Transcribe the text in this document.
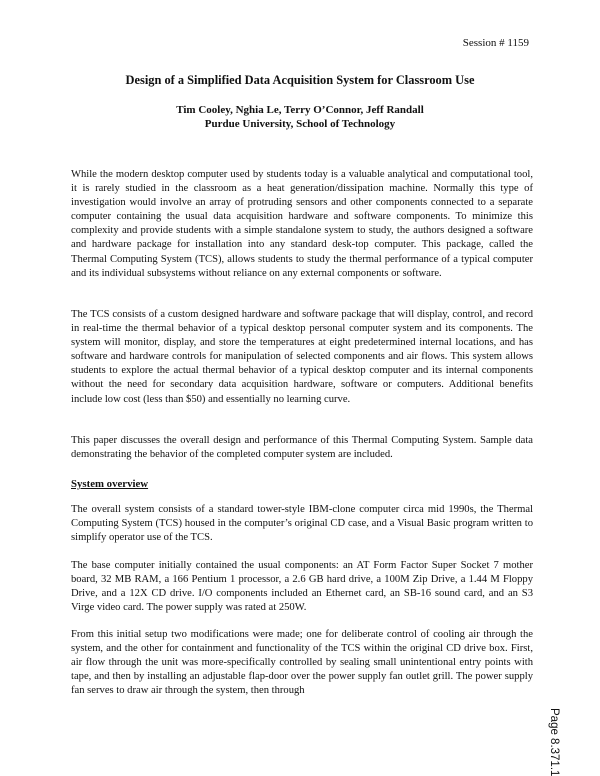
Session # 1159
Design of a Simplified Data Acquisition System for Classroom Use
Tim Cooley, Nghia Le, Terry O’Connor, Jeff Randall
Purdue University, School of Technology

While the modern desktop computer used by students today is a valuable analytical and computational tool, it is rarely studied in the classroom as a heat generation/dissipation machine. Normally this type of investigation would involve an array of protruding sensors and other components connected to a separate computer containing the usual data acquisition hardware and software components. To minimize this complexity and provide students with a simple standalone system to study, the authors designed a software and hardware package for installation into any standard desk-top computer. This package, called the Thermal Computing System (TCS), allows students to study the thermal performance of a typical computer and its individual subsystems without reliance on any external components or software.

The TCS consists of a custom designed hardware and software package that will display, control, and record in real-time the thermal behavior of a typical desktop personal computer system and its components. The system will monitor, display, and store the temperatures at eight predetermined internal locations, and has software and hardware controls for manipulation of selected components and air flows. This system allows students to explore the actual thermal behavior of a typical desktop computer and its internal components without the need for secondary data acquisition hardware, software or computers. Additional benefits include low cost (less than $50) and essentially no learning curve.

This paper discusses the overall design and performance of this Thermal Computing System. Sample data demonstrating the behavior of the completed computer system are included.

System overview

The overall system consists of a standard tower-style IBM-clone computer circa mid 1990s, the Thermal Computing System (TCS) housed in the computer’s original CD case, and a Visual Basic program written to simplify operator use of the TCS.

The base computer initially contained the usual components: an AT Form Factor Super Socket 7 mother board, 32 MB RAM, a 166 Pentium 1 processor, a 2.6 GB hard drive, a 100M Zip Drive, a 1.44 M Floppy Drive, and a 12X CD drive. I/O components included an Ethernet card, an SB-16 sound card, and an S3 Virge video card. The power supply was rated at 250W.

From this initial setup two modifications were made; one for deliberate control of cooling air through the system, and the other for containment and functionality of the TCS within the original CD drive box. First, air flow through the unit was more-specifically controlled by sealing small unintentional entry points with tape, and then by installing an adjustable flap-door over the power supply fan outlet grill. The power supply fan serves to draw air through the system, then through

Page 8.371.1
